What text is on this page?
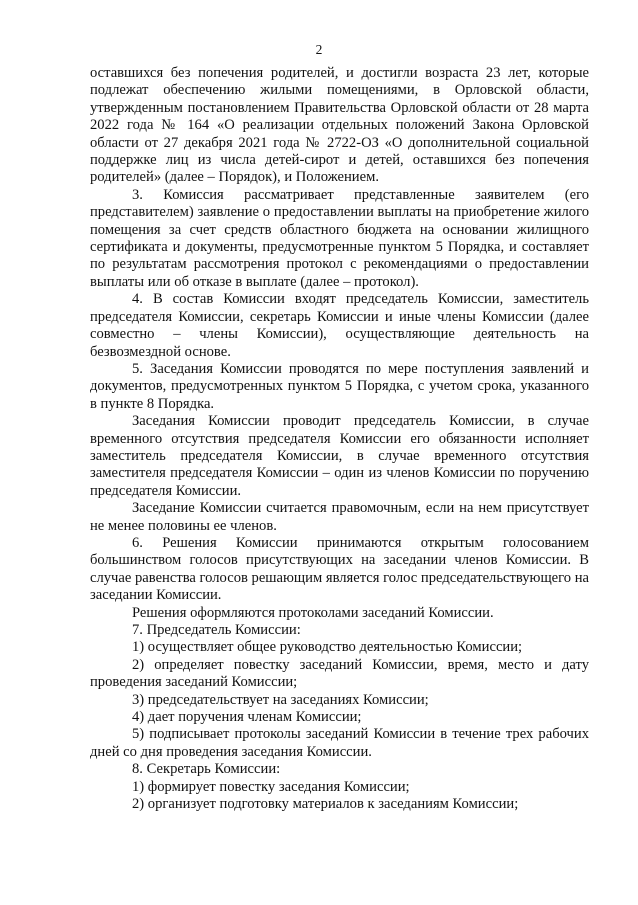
2

оставшихся без попечения родителей, и достигли возраста 23 лет, которые подлежат обеспечению жилыми помещениями, в Орловской области, утвержденным постановлением Правительства Орловской области от 28 марта 2022 года № 164 «О реализации отдельных положений Закона Орловской области от 27 декабря 2021 года № 2722-ОЗ «О дополнительной социальной поддержке лиц из числа детей-сирот и детей, оставшихся без попечения родителей» (далее – Порядок), и Положением.

3. Комиссия рассматривает представленные заявителем (его представителем) заявление о предоставлении выплаты на приобретение жилого помещения за счет средств областного бюджета на основании жилищного сертификата и документы, предусмотренные пунктом 5 Порядка, и составляет по результатам рассмотрения протокол с рекомендациями о предоставлении выплаты или об отказе в выплате (далее – протокол).

4. В состав Комиссии входят председатель Комиссии, заместитель председателя Комиссии, секретарь Комиссии и иные члены Комиссии (далее совместно – члены Комиссии), осуществляющие деятельность на безвозмездной основе.

5. Заседания Комиссии проводятся по мере поступления заявлений и документов, предусмотренных пунктом 5 Порядка, с учетом срока, указанного в пункте 8 Порядка.

Заседания Комиссии проводит председатель Комиссии, в случае временного отсутствия председателя Комиссии его обязанности исполняет заместитель председателя Комиссии, в случае временного отсутствия заместителя председателя Комиссии – один из членов Комиссии по поручению председателя Комиссии.

Заседание Комиссии считается правомочным, если на нем присутствует не менее половины ее членов.

6. Решения Комиссии принимаются открытым голосованием большинством голосов присутствующих на заседании членов Комиссии. В случае равенства голосов решающим является голос председательствующего на заседании Комиссии.

Решения оформляются протоколами заседаний Комиссии.

7. Председатель Комиссии:

1) осуществляет общее руководство деятельностью Комиссии;

2) определяет повестку заседаний Комиссии, время, место и дату проведения заседаний Комиссии;

3) председательствует на заседаниях Комиссии;

4) дает поручения членам Комиссии;

5) подписывает протоколы заседаний Комиссии в течение трех рабочих дней со дня проведения заседания Комиссии.

8. Секретарь Комиссии:

1) формирует повестку заседания Комиссии;

2) организует подготовку материалов к заседаниям Комиссии;
